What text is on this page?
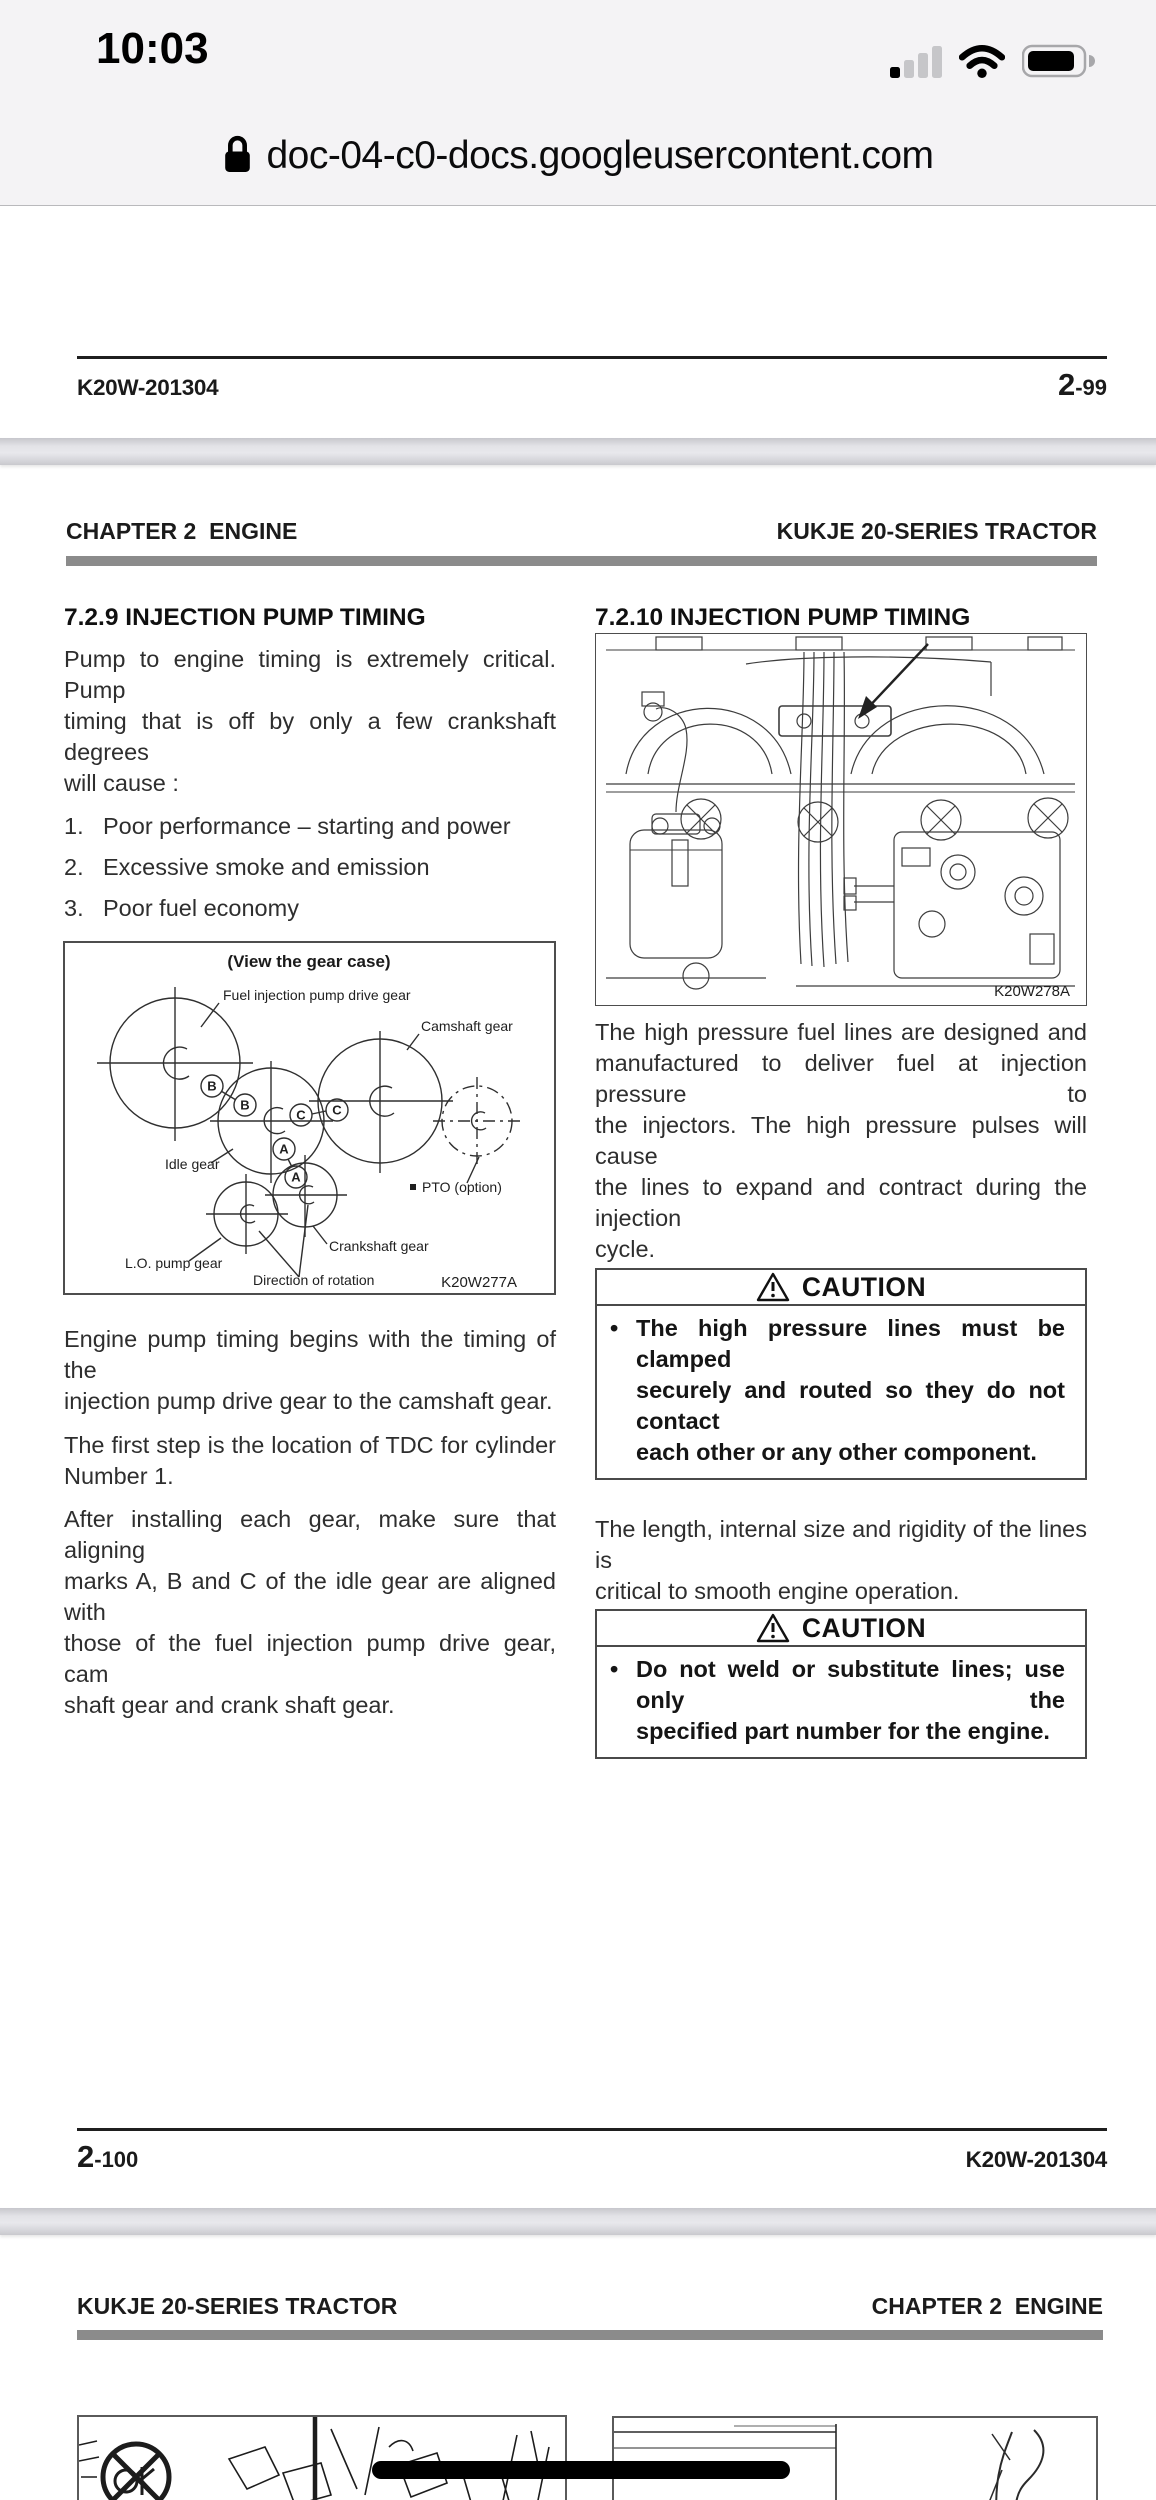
10:03
doc-04-c0-docs.googleusercontent.com
K20W-201304	2-99
CHAPTER 2  ENGINE	KUKJE 20-SERIES TRACTOR
7.2.9 INJECTION PUMP TIMING
Pump to engine timing is extremely critical. Pump
timing that is off by only a few crankshaft degrees
will cause :
1. Poor performance – starting and power
2. Excessive smoke and emission
3. Poor fuel economy
B
B
C C
A
A
(View the gear case)
Fuel injection pump drive gear
Camshaft gear
Idle gear
PTO (option)
Crankshaft gear
L.O. pump gear
Direction of rotation	K20W277A
Engine pump timing begins with the timing of the
injection pump drive gear to the camshaft gear.
The first step is the location of TDC for cylinder
Number 1.
After installing each gear, make sure that aligning
marks A, B and C of the idle gear are aligned with
those of the fuel injection pump drive gear, cam
shaft gear and crank shaft gear.
7.2.10 INJECTION PUMP TIMING
K20W278A
The high pressure fuel lines are designed and
manufactured to deliver fuel at injection pressure to
the injectors. The high pressure pulses will cause
the lines to expand and contract during the injection
cycle.
CAUTION
• The high pressure lines must be clamped
securely and routed so they do not contact
each other or any other component.
The length, internal size and rigidity of the lines is
critical to smooth engine operation.
CAUTION
• Do not weld or substitute lines; use only the
specified part number for the engine.
2-100	K20W-201304
KUKJE 20-SERIES TRACTOR	CHAPTER 2  ENGINE
